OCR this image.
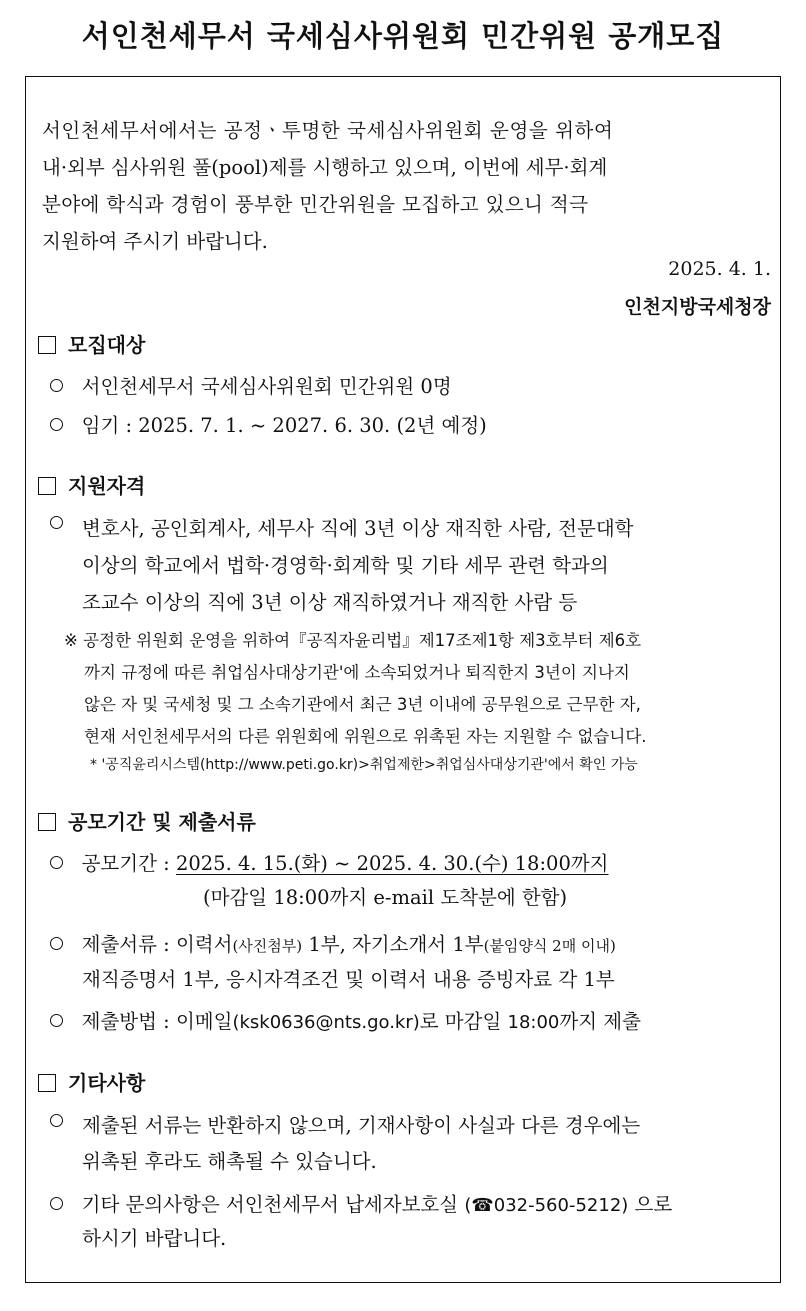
서인천세무서 국세심사위원회 민간위원 공개모집
서인천세무서에서는 공정ㆍ투명한 국세심사위원회 운영을 위하여
내·외부 심사위원 풀(pool)제를 시행하고 있으며, 이번에 세무·회계
분야에 학식과 경험이 풍부한 민간위원을 모집하고 있으니 적극
지원하여 주시기 바랍니다.
2025. 4. 1.
인천지방국세청장
모집대상
서인천세무서 국세심사위원회 민간위원 0명
임기 : 2025. 7. 1. ~ 2027. 6. 30. (2년 예정)
지원자격
변호사, 공인회계사, 세무사 직에 3년 이상 재직한 사람, 전문대학
이상의 학교에서 법학·경영학·회계학 및 기타 세무 관련 학과의
조교수 이상의 직에 3년 이상 재직하였거나 재직한 사람 등
※ 공정한 위원회 운영을 위하여『공직자윤리법』제17조제1항 제3호부터 제6호
까지 규정에 따른 취업심사대상기관'에 소속되었거나 퇴직한지 3년이 지나지
않은 자 및 국세청 및 그 소속기관에서 최근 3년 이내에 공무원으로 근무한 자,
현재 서인천세무서의 다른 위원회에 위원으로 위촉된 자는 지원할 수 없습니다.
* '공직윤리시스템(http://www.peti.go.kr)>취업제한>취업심사대상기관'에서 확인 가능
공모기간 및 제출서류
공모기간 : 2025. 4. 15.(화) ~ 2025. 4. 30.(수) 18:00까지
(마감일 18:00까지 e-mail 도착분에 한함)
제출서류 : 이력서(사진첨부) 1부, 자기소개서 1부(붙임양식 2매 이내)
재직증명서 1부, 응시자격조건 및 이력서 내용 증빙자료 각 1부
제출방법 : 이메일(ksk0636@nts.go.kr)로 마감일 18:00까지 제출
기타사항
제출된 서류는 반환하지 않으며, 기재사항이 사실과 다른 경우에는
위촉된 후라도 해촉될 수 있습니다.
기타 문의사항은 서인천세무서 납세자보호실 (☎032-560-5212) 으로
하시기 바랍니다.
